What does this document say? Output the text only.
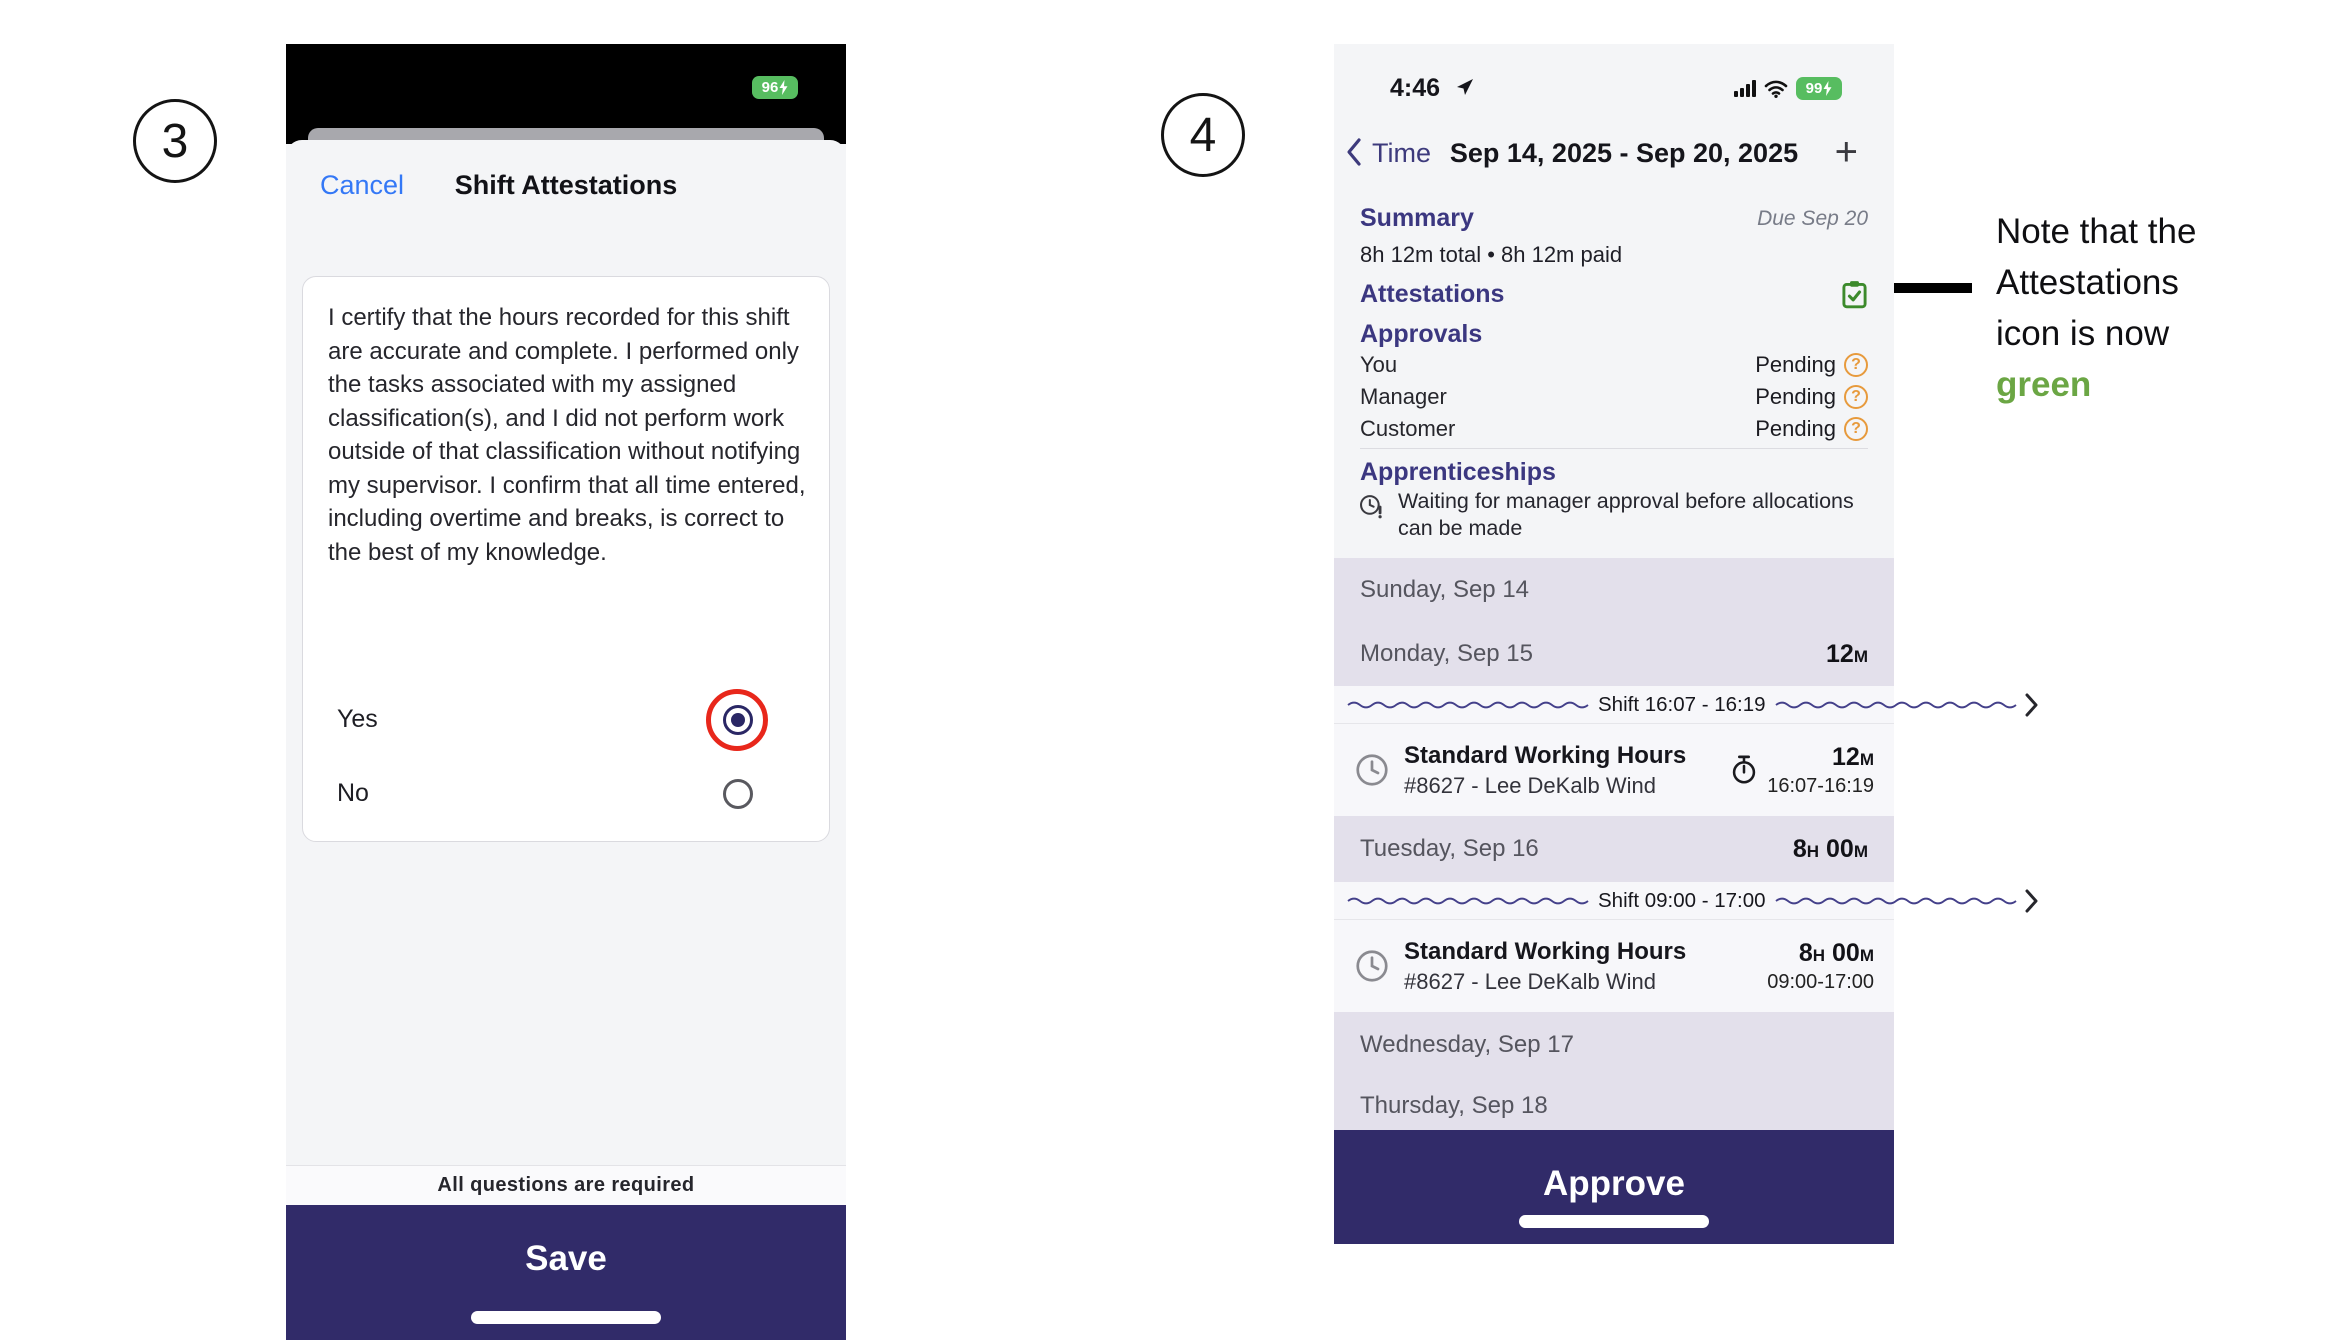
3	4
Note that the
Attestations
icon is now
green
96
Cancel	Shift Attestations

I certify that the hours recorded for this shift are accurate and complete. I performed only the tasks associated with my assigned classification(s), and I did not perform work outside of that classification without notifying my supervisor. I confirm that all time entered, including overtime and breaks, is correct to the best of my knowledge.

Yes
No
All questions are required
Save
4:46	99
Time Sep 14, 2025 - Sep 20, 2025 +
Summary	Due Sep 20
8h 12m total • 8h 12m paid
Attestations
Approvals
You	Pending ?
Manager	Pending ?
Customer	Pending ?
Apprenticeships

Waiting for manager approval before allocations can be made

Sunday, Sep 14
Monday, Sep 15	12M
Shift 16:07 - 16:19
Standard Working Hours
#8627 - Lee DeKalb Wind
12M
16:07-16:19
Tuesday, Sep 16	8H 00M
Shift 09:00 - 17:00
Standard Working Hours
#8627 - Lee DeKalb Wind
8H 00M
09:00-17:00
Wednesday, Sep 17
Thursday, Sep 18
Approve
